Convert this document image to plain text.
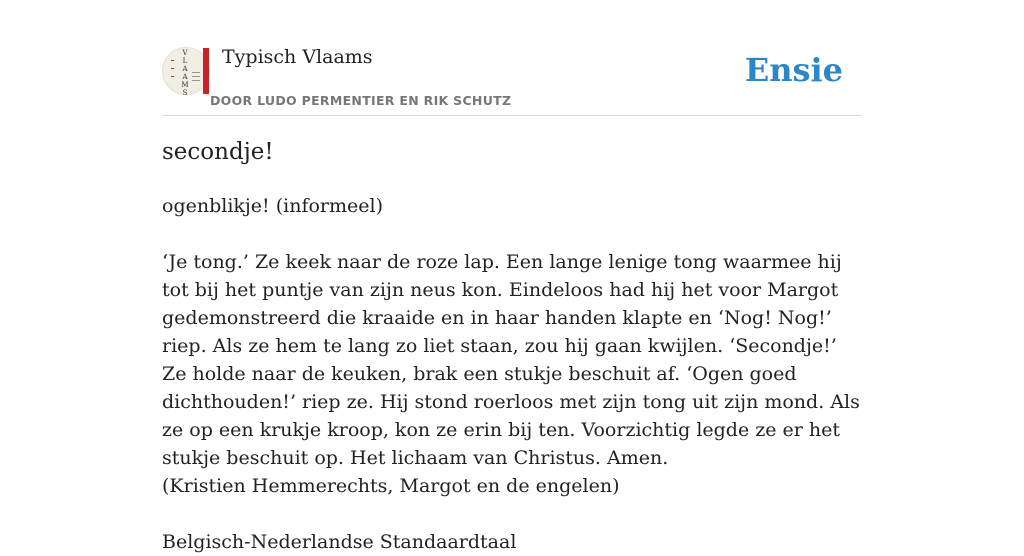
V
L
A
A
M
S
Typisch Vlaams
DOOR LUDO PERMENTIER EN RIK SCHUTZ
Ensie
secondje!

ogenblikje! (informeel)

‘Je tong.’ Ze keek naar de roze lap. Een lange lenige tong waarmee hij tot bij het puntje van zijn neus kon. Eindeloos had hij het voor Margot gedemonstreerd die kraaide en in haar handen klapte en ‘Nog! Nog!’ riep. Als ze hem te lang zo liet staan, zou hij gaan kwijlen. ‘Secondje!’ Ze holde naar de keuken, brak een stukje beschuit af. ‘Ogen goed dichthouden!’ riep ze. Hij stond roerloos met zijn tong uit zijn mond. Als ze op een krukje kroop, kon ze erin bij ten. Voorzichtig legde ze er het stukje beschuit op. Het lichaam van Christus. Amen.

(Kristien Hemmerechts, Margot en de engelen)

Belgisch-Nederlandse Standaardtaal
